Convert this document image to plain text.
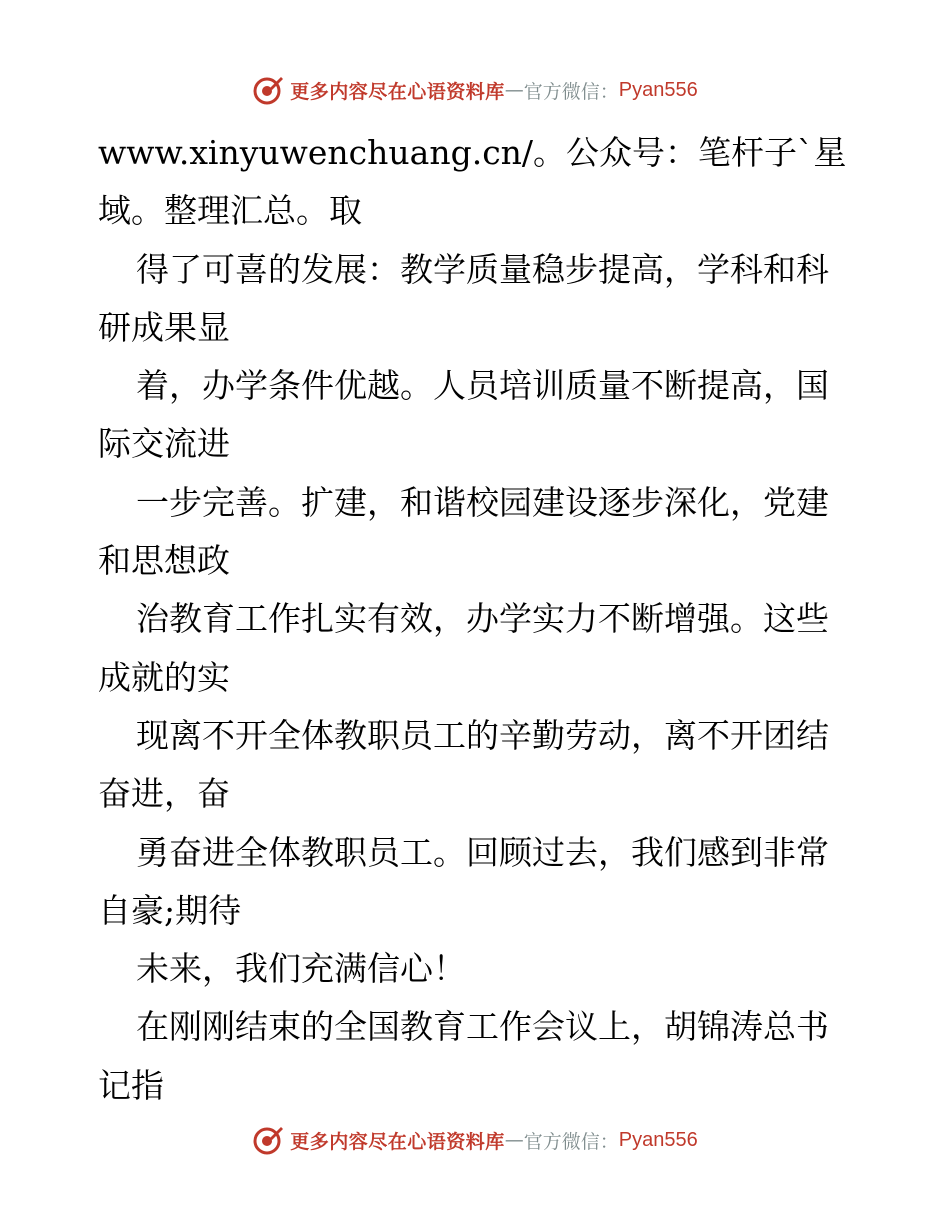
更多内容尽在心语资料库 — 官方微信： Pyan556
www.xinyuwenchuang.cn/。公众号：笔杆子`星
域。整理汇总。取
得了可喜的发展：教学质量稳步提高，学科和科
研成果显
着，办学条件优越。人员培训质量不断提高，国
际交流进
一步完善。扩建，和谐校园建设逐步深化，党建
和思想政
治教育工作扎实有效，办学实力不断增强。这些
成就的实
现离不开全体教职员工的辛勤劳动，离不开团结
奋进，奋
勇奋进全体教职员工。回顾过去，我们感到非常
自豪;期待
未来，我们充满信心！
在刚刚结束的全国教育工作会议上，胡锦涛总书
记指
更多内容尽在心语资料库 — 官方微信： Pyan556
